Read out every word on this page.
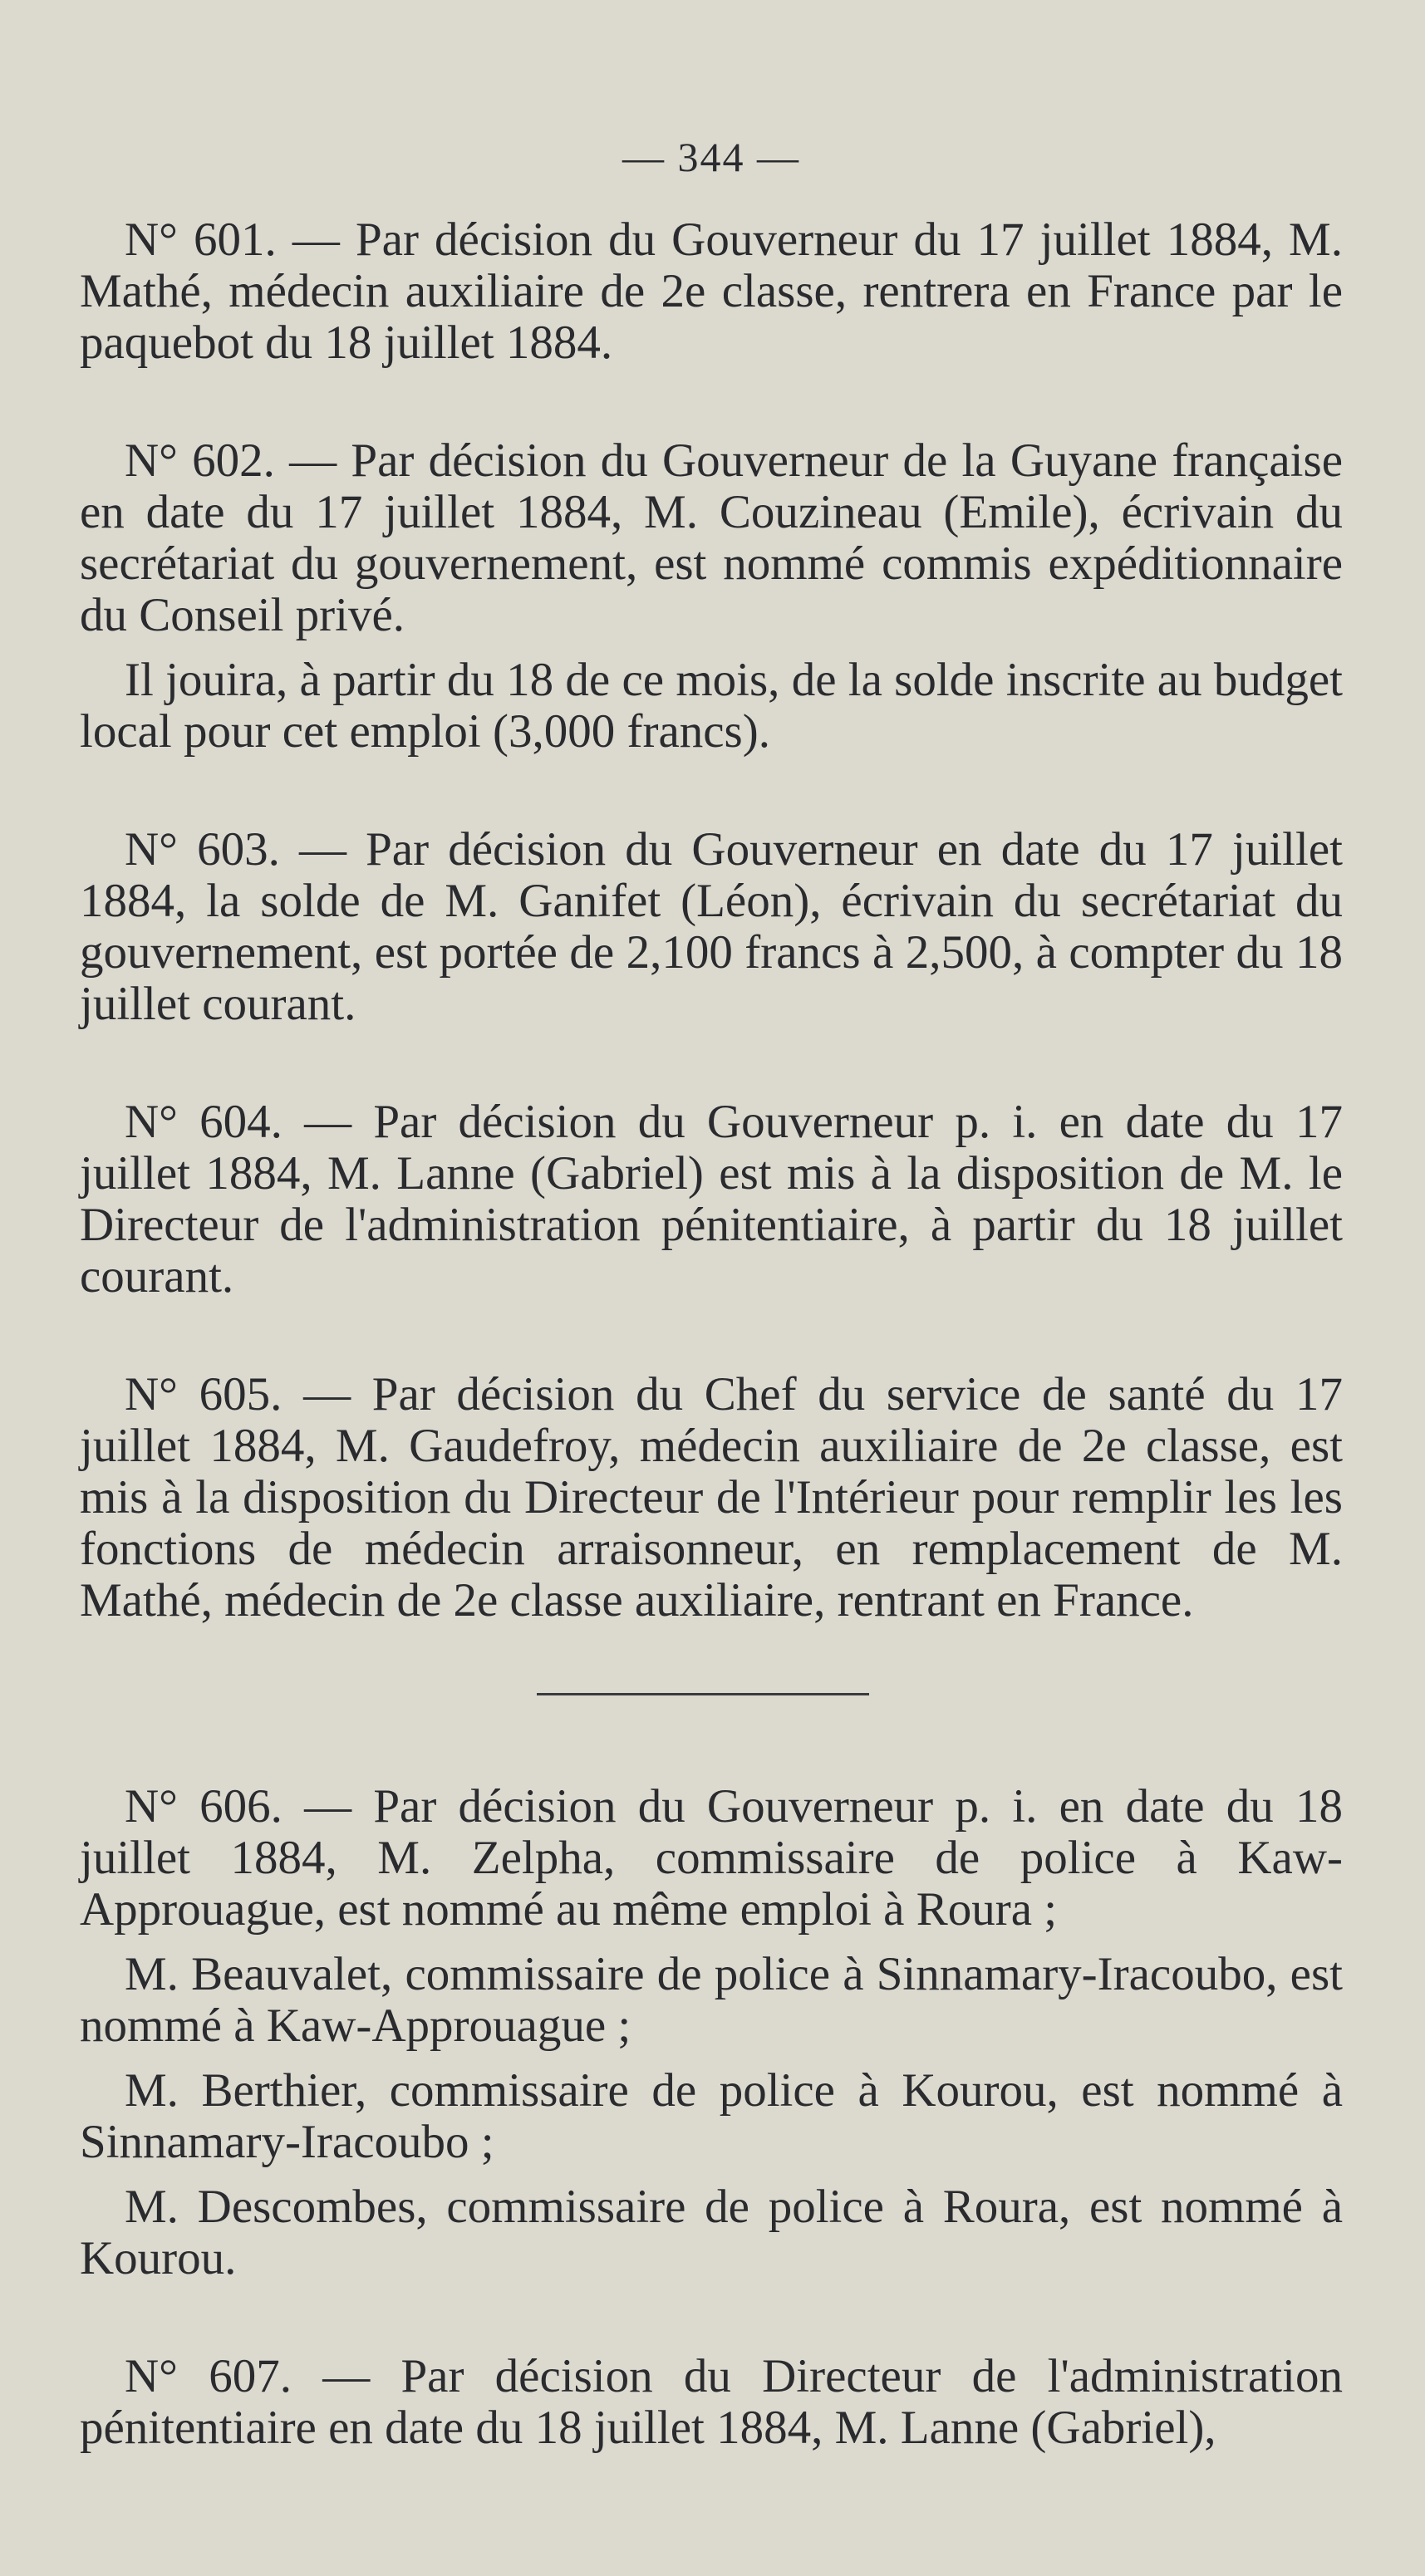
— 344 —

N° 601. — Par décision du Gouverneur du 17 juillet 1884, M. Mathé, médecin auxiliaire de 2e classe, rentrera en France par le paquebot du 18 juillet 1884.

N° 602. — Par décision du Gouverneur de la Guyane française en date du 17 juillet 1884, M. Couzineau (Emile), écrivain du secrétariat du gouvernement, est nommé commis expéditionnaire du Conseil privé.

Il jouira, à partir du 18 de ce mois, de la solde inscrite au budget local pour cet emploi (3,000 francs).

N° 603. — Par décision du Gouverneur en date du 17 juillet 1884, la solde de M. Ganifet (Léon), écrivain du secrétariat du gouvernement, est portée de 2,100 francs à 2,500, à compter du 18 juillet courant.

N° 604. — Par décision du Gouverneur p. i. en date du 17 juillet 1884, M. Lanne (Gabriel) est mis à la disposition de M. le Directeur de l'administration pénitentiaire, à partir du 18 juillet courant.

N° 605. — Par décision du Chef du service de santé du 17 juillet 1884, M. Gaudefroy, médecin auxiliaire de 2e classe, est mis à la disposition du Directeur de l'Intérieur pour remplir les les fonctions de médecin arraisonneur, en remplacement de M. Mathé, médecin de 2e classe auxiliaire, rentrant en France.

N° 606. — Par décision du Gouverneur p. i. en date du 18 juillet 1884, M. Zelpha, commissaire de police à Kaw-Approuague, est nommé au même emploi à Roura ;

M. Beauvalet, commissaire de police à Sinnamary-Iracoubo, est nommé à Kaw-Approuague ;

M. Berthier, commissaire de police à Kourou, est nommé à Sinnamary-Iracoubo ;

M. Descombes, commissaire de police à Roura, est nommé à Kourou.

N° 607. — Par décision du Directeur de l'administration pénitentiaire en date du 18 juillet 1884, M. Lanne (Gabriel),
